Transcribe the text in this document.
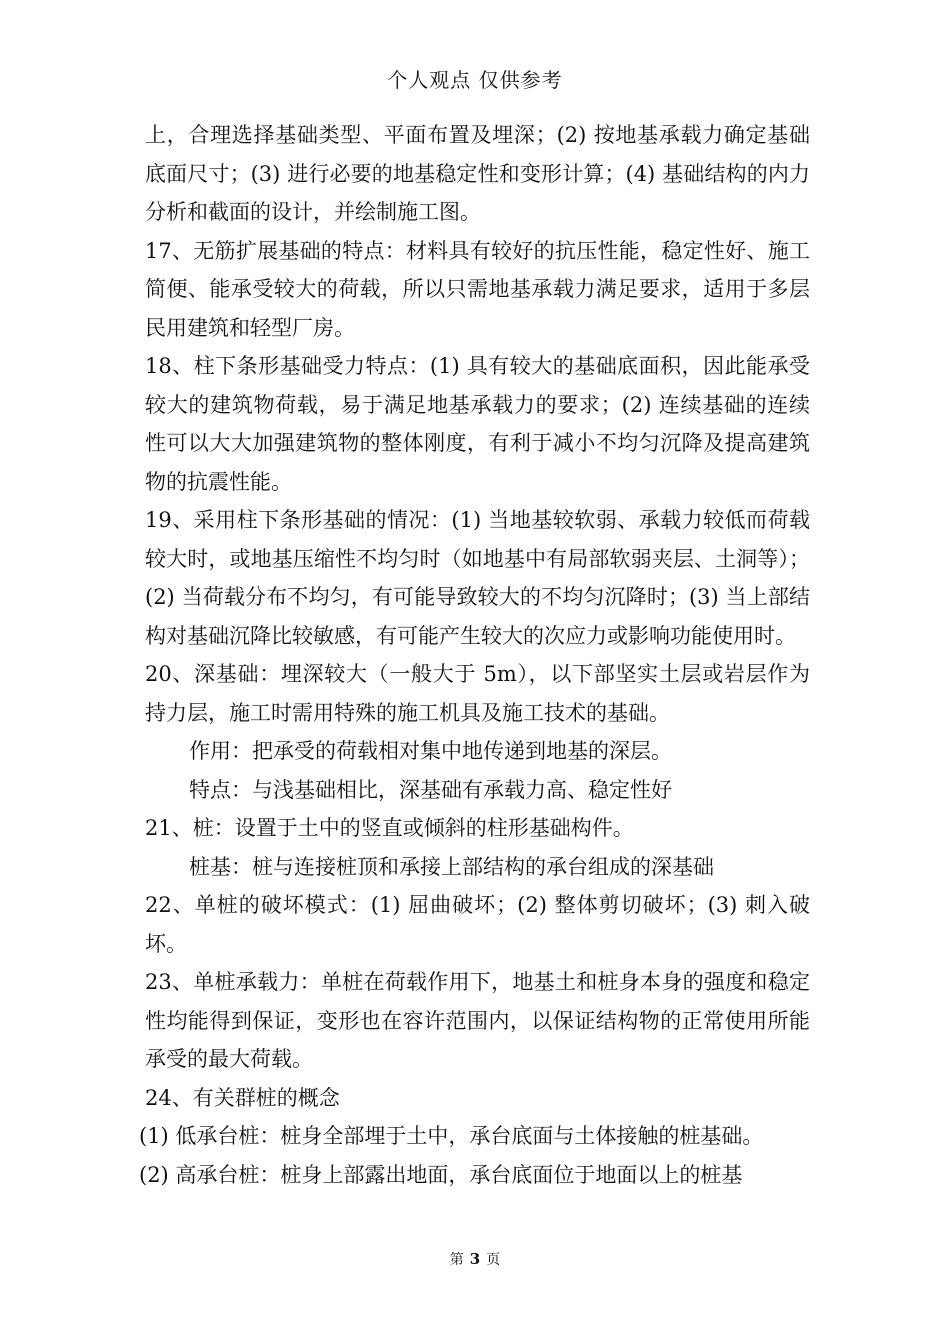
个人观点 仅供参考

上，合理选择基础类型、平面布置及埋深；(2) 按地基承载力确定基础底面尺寸；(3) 进行必要的地基稳定性和变形计算；(4) 基础结构的内力分析和截面的设计，并绘制施工图。

17、无筋扩展基础的特点：材料具有较好的抗压性能，稳定性好、施工简便、能承受较大的荷载，所以只需地基承载力满足要求，适用于多层民用建筑和轻型厂房。

18、柱下条形基础受力特点：(1) 具有较大的基础底面积，因此能承受较大的建筑物荷载，易于满足地基承载力的要求；(2) 连续基础的连续性可以大大加强建筑物的整体刚度，有利于减小不均匀沉降及提高建筑物的抗震性能。

19、采用柱下条形基础的情况：(1) 当地基较软弱、承载力较低而荷载较大时，或地基压缩性不均匀时（如地基中有局部软弱夹层、土洞等）；(2) 当荷载分布不均匀，有可能导致较大的不均匀沉降时；(3) 当上部结构对基础沉降比较敏感，有可能产生较大的次应力或影响功能使用时。

20、深基础：埋深较大（一般大于 5m），以下部坚实土层或岩层作为持力层，施工时需用特殊的施工机具及施工技术的基础。

作用：把承受的荷载相对集中地传递到地基的深层。

特点：与浅基础相比，深基础有承载力高、稳定性好

21、桩：设置于土中的竖直或倾斜的柱形基础构件。

桩基：桩与连接桩顶和承接上部结构的承台组成的深基础

22、单桩的破坏模式：(1) 屈曲破坏；(2) 整体剪切破坏；(3) 刺入破坏。

23、单桩承载力：单桩在荷载作用下，地基土和桩身本身的强度和稳定性均能得到保证，变形也在容许范围内，以保证结构物的正常使用所能承受的最大荷载。

24、有关群桩的概念

(1) 低承台桩：桩身全部埋于土中，承台底面与土体接触的桩基础。

(2) 高承台桩：桩身上部露出地面，承台底面位于地面以上的桩基

第 3 页
